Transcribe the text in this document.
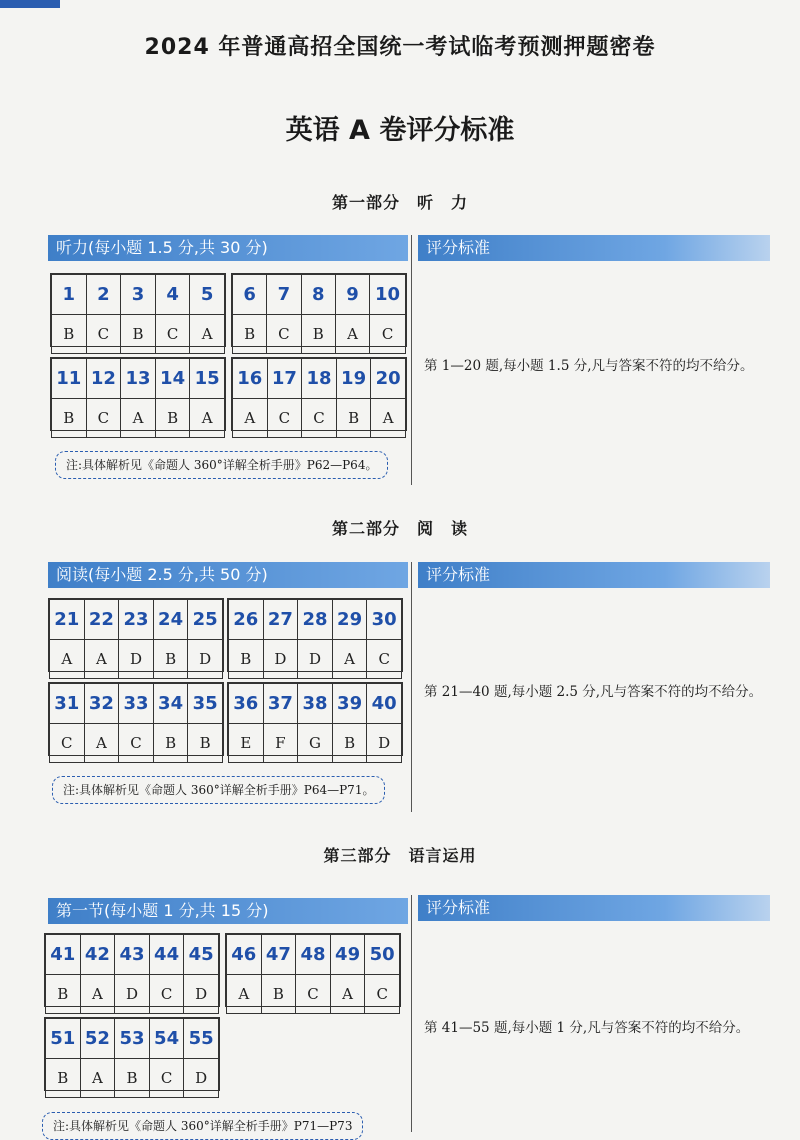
2024 年普通高招全国统一考试临考预测押题密卷
英语 A 卷评分标准
第一部分　听　力
听力(每小题 1.5 分,共 30 分)	评分标准
1	2	3	4	5
B	C	B	C	A
6	7	8	9	10
B	C	B	A	C
11	12	13	14	15
B	C	A	B	A
16	17	18	19	20
A	C	C	B	A
第 1—20 题,每小题 1.5 分,凡与答案不符的均不给分。
注:具体解析见《命题人 360°详解全析手册》P62—P64。
第二部分　阅　读
阅读(每小题 2.5 分,共 50 分)	评分标准
21	22	23	24	25
A	A	D	B	D
26	27	28	29	30
B	D	D	A	C
31	32	33	34	35
C	A	C	B	B
36	37	38	39	40
E	F	G	B	D
第 21—40 题,每小题 2.5 分,凡与答案不符的均不给分。
注:具体解析见《命题人 360°详解全析手册》P64—P71。
第三部分　语言运用
第一节(每小题 1 分,共 15 分)	评分标准
41	42	43	44	45
B	A	D	C	D
46	47	48	49	50
A	B	C	A	C
51	52	53	54	55
B	A	B	C	D
第 41—55 题,每小题 1 分,凡与答案不符的均不给分。
注:具体解析见《命题人 360°详解全析手册》P71—P73
